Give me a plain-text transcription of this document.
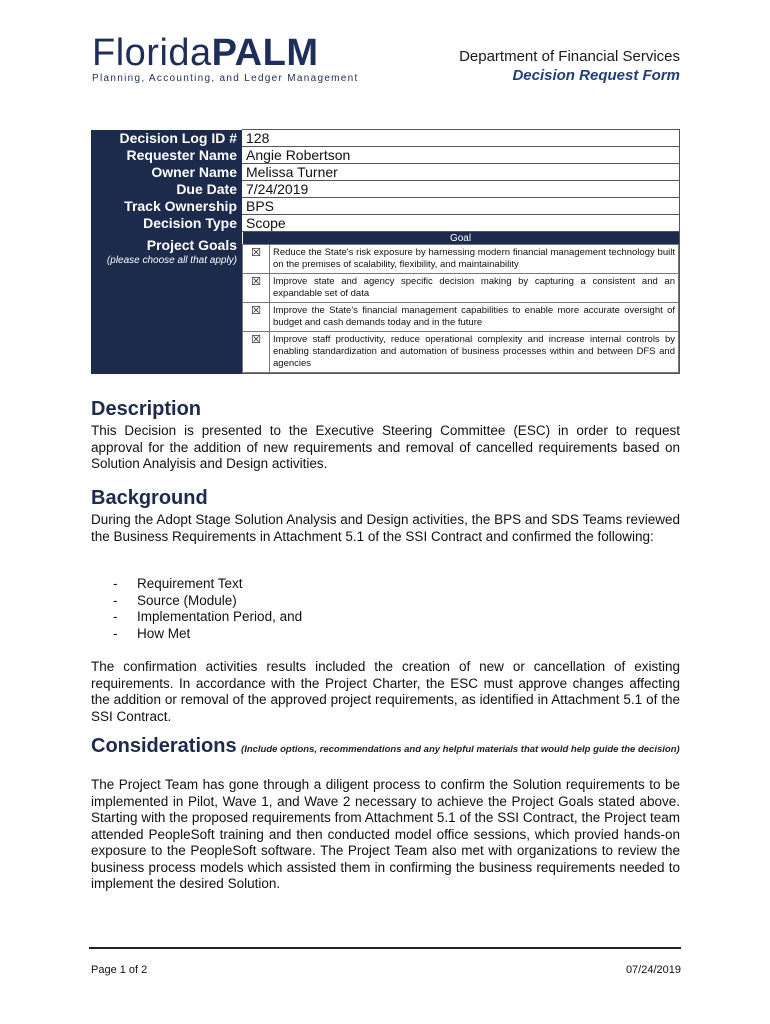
FloridaPALM
Planning, Accounting, and Ledger Management
Department of Financial Services
Decision Request Form
Decision Log ID #	128
Requester Name	Angie Robertson
Owner Name	Melissa Turner
Due Date	7/24/2019
Track Ownership	BPS
Decision Type	Scope

Project Goals
(please choose all that apply)

Goal
☒	Reduce the State's risk exposure by harnessing modern financial management technology built on the premises of scalability, flexibility, and maintainability
☒	Improve state and agency specific decision making by capturing a consistent and an expandable set of data
☒	Improve the State's financial management capabilities to enable more accurate oversight of budget and cash demands today and in the future
☒	Improve staff productivity, reduce operational complexity and increase internal controls by enabling standardization and automation of business processes within and between DFS and agencies
Description

This Decision is presented to the Executive Steering Committee (ESC) in order to request approval for the addition of new requirements and removal of cancelled requirements based on Solution Analyisis and Design activities.

Background

During the Adopt Stage Solution Analysis and Design activities, the BPS and SDS Teams reviewed the Business Requirements in Attachment 5.1 of the SSI Contract and confirmed the following:

- Requirement Text
- Source (Module)
- Implementation Period, and
- How Met

The confirmation activities results included the creation of new or cancellation of existing requirements. In accordance with the Project Charter, the ESC must approve changes affecting the addition or removal of the approved project requirements, as identified in Attachment 5.1 of the SSI Contract.

Considerations (Include options, recommendations and any helpful materials that would help guide the decision)

The Project Team has gone through a diligent process to confirm the Solution requirements to be implemented in Pilot, Wave 1, and Wave 2 necessary to achieve the Project Goals stated above. Starting with the proposed requirements from Attachment 5.1 of the SSI Contract, the Project team attended PeopleSoft training and then conducted model office sessions, which provied hands-on exposure to the PeopleSoft software. The Project Team also met with organizations to review the business process models which assisted them in confirming the business requirements needed to implement the desired Solution.

Page 1 of 2	07/24/2019
